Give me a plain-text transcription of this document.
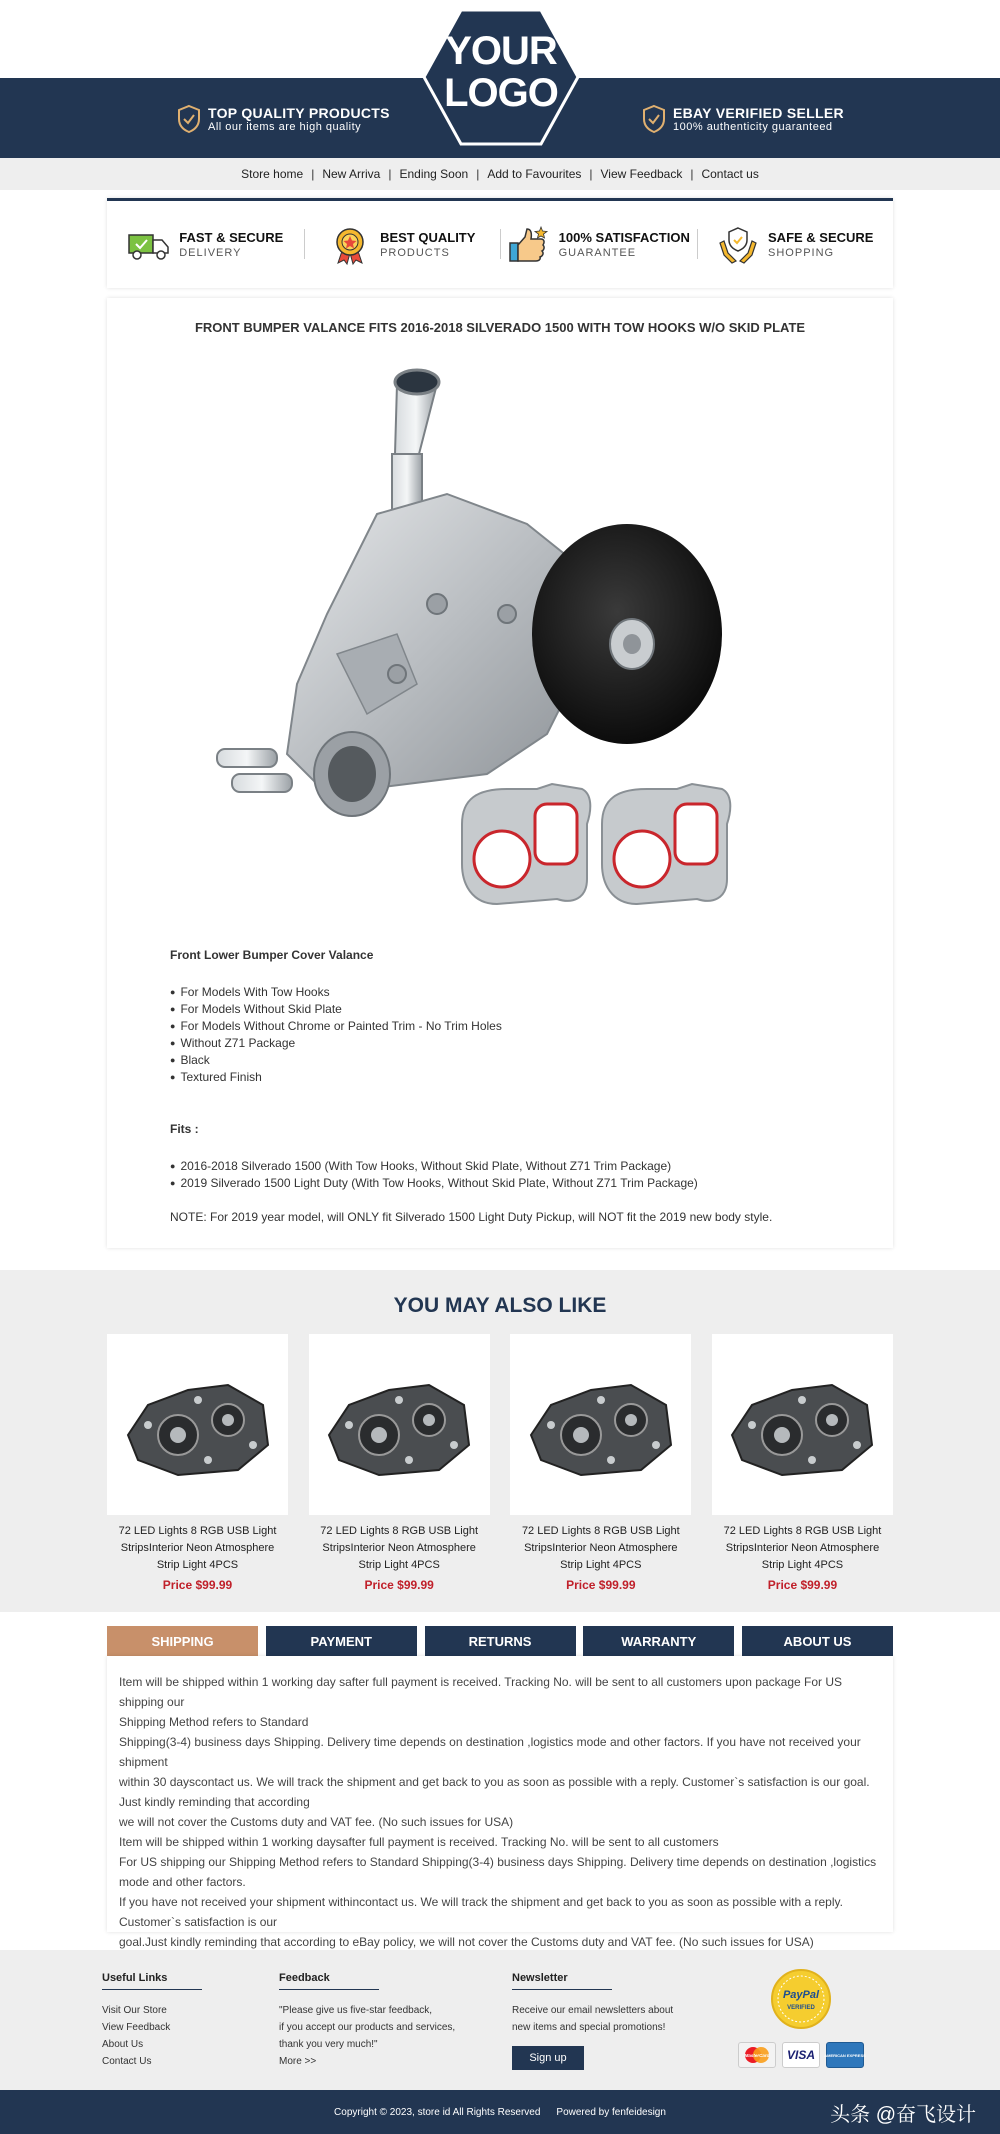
YOUR
LOGO
TOP QUALITY PRODUCTS
All our items are high quality
EBAY VERIFIED SELLER
100% authenticity guaranteed
Store home | New Arriva | Ending Soon | Add to Favourites | View Feedback | Contact us
FAST & SECURE
DELIVERY
BEST QUALITY
PRODUCTS
100% SATISFACTION
GUARANTEE
SAFE & SECURE
SHOPPING
FRONT BUMPER VALANCE FITS 2016-2018 SILVERADO 1500 WITH TOW HOOKS W/O SKID PLATE
Front Lower Bumper Cover Valance
● For Models With Tow Hooks
● For Models Without Skid Plate
● For Models Without Chrome or Painted Trim - No Trim Holes
● Without Z71 Package
● Black
● Textured Finish
Fits :
● 2016-2018 Silverado 1500 (With Tow Hooks, Without Skid Plate, Without Z71 Trim Package)
● 2019 Silverado 1500 Light Duty (With Tow Hooks, Without Skid Plate, Without Z71 Trim Package)

NOTE: For 2019 year model, will ONLY fit Silverado 1500 Light Duty Pickup, will NOT fit the 2019 new body style.

YOU MAY ALSO LIKE
72 LED Lights 8 RGB USB Light
StripsInterior Neon Atmosphere
Strip Light 4PCS
Price $99.99
72 LED Lights 8 RGB USB Light
StripsInterior Neon Atmosphere
Strip Light 4PCS
Price $99.99
72 LED Lights 8 RGB USB Light
StripsInterior Neon Atmosphere
Strip Light 4PCS
Price $99.99
72 LED Lights 8 RGB USB Light
StripsInterior Neon Atmosphere
Strip Light 4PCS
Price $99.99
SHIPPING	PAYMENT	RETURNS	WARRANTY	ABOUT US
Item will be shipped within 1 working day safter full payment is received. Tracking No. will be sent to all customers upon package For US shipping our
Shipping Method refers to Standard
Shipping(3-4) business days Shipping. Delivery time depends on destination ,logistics mode and other factors. If you have not received your shipment
within 30 dayscontact us. We will track the shipment and get back to you as soon as possible with a reply. Customer`s satisfaction is our goal.
Just kindly reminding that according
we will not cover the Customs duty and VAT fee. (No such issues for USA)
Item will be shipped within 1 working daysafter full payment is received. Tracking No. will be sent to all customers
For US shipping our Shipping Method refers to Standard Shipping(3-4) business days Shipping. Delivery time depends on destination ,logistics
mode and other factors.
If you have not received your shipment withincontact us. We will track the shipment and get back to you as soon as possible with a reply.
Customer`s satisfaction is our
goal.Just kindly reminding that according to eBay policy, we will not cover the Customs duty and VAT fee. (No such issues for USA)
Useful Links
Visit Our Store
View Feedback
About Us
Contact Us
Feedback
"Please give us five-star feedback,
if you accept our products and services,
thank you very much!"
More >>
Newsletter
Receive our email newsletters about
new items and special promotions!
Sign up
PayPal
VERIFIED
MasterCard	VISA	AMERICAN EXPRESS
Copyright © 2023, store id All Rights Reserved Powered by fenfeidesign	头条 @奋飞设计
